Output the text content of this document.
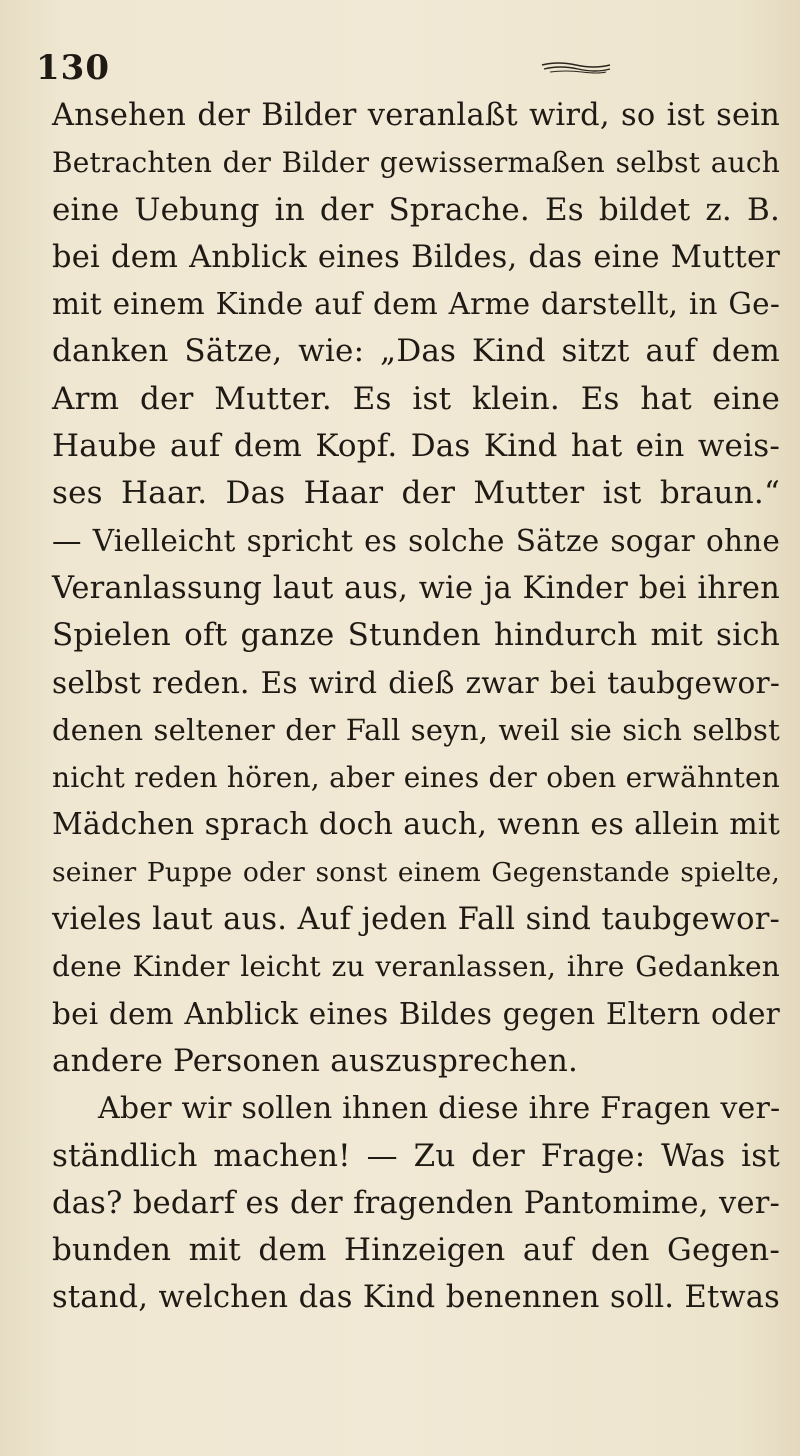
130
Ansehen der Bilder veranlaßt wird, so ist sein
Betrachten der Bilder gewissermaßen selbst auch
eine Uebung in der Sprache. Es bildet z. B.
bei dem Anblick eines Bildes, das eine Mutter
mit einem Kinde auf dem Arme darstellt, in Ge-
danken Sätze, wie: „Das Kind sitzt auf dem
Arm der Mutter. Es ist klein. Es hat eine
Haube auf dem Kopf. Das Kind hat ein weis-
ses Haar. Das Haar der Mutter ist braun.“
— Vielleicht spricht es solche Sätze sogar ohne
Veranlassung laut aus, wie ja Kinder bei ihren
Spielen oft ganze Stunden hindurch mit sich
selbst reden. Es wird dieß zwar bei taubgewor-
denen seltener der Fall seyn, weil sie sich selbst
nicht reden hören, aber eines der oben erwähnten
Mädchen sprach doch auch, wenn es allein mit
seiner Puppe oder sonst einem Gegenstande spielte,
vieles laut aus. Auf jeden Fall sind taubgewor-
dene Kinder leicht zu veranlassen, ihre Gedanken
bei dem Anblick eines Bildes gegen Eltern oder
andere Personen auszusprechen.
Aber wir sollen ihnen diese ihre Fragen ver-
ständlich machen! — Zu der Frage: Was ist
das? bedarf es der fragenden Pantomime, ver-
bunden mit dem Hinzeigen auf den Gegen-
stand, welchen das Kind benennen soll. Etwas
